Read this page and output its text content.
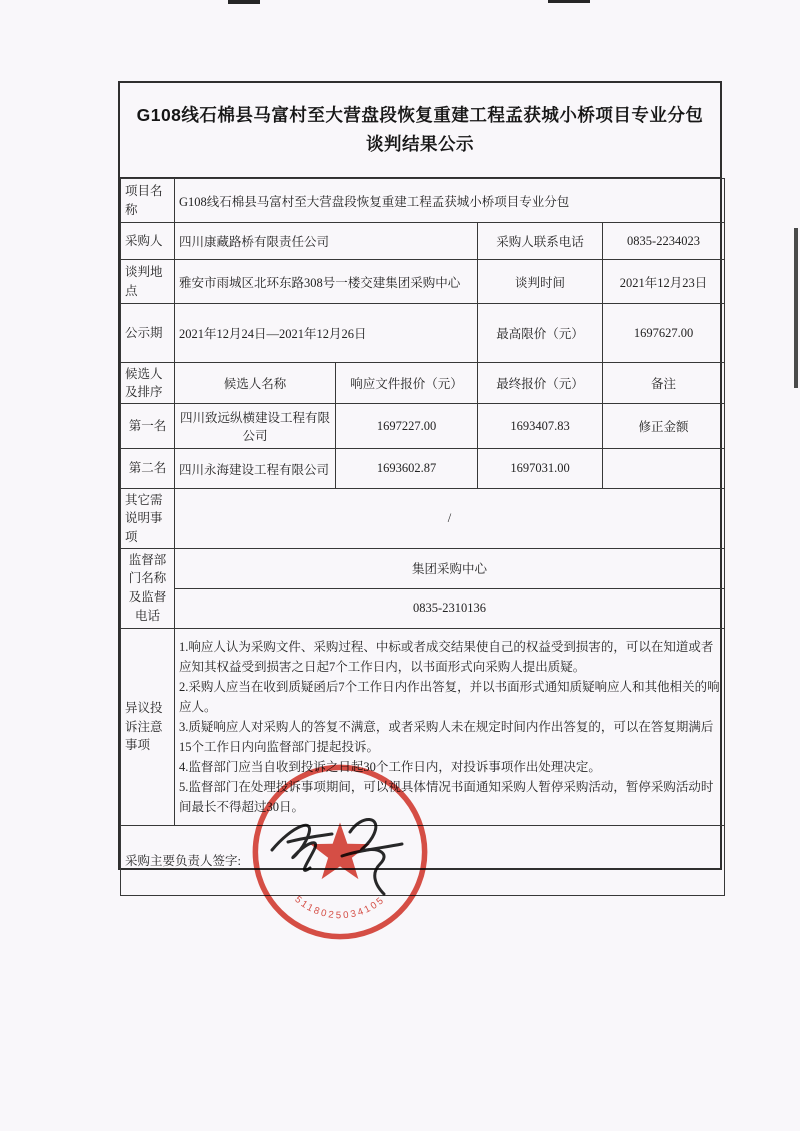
G108线石棉县马富村至大营盘段恢复重建工程孟获城小桥项目专业分包
谈判结果公示
项目名称	G108线石棉县马富村至大营盘段恢复重建工程孟获城小桥项目专业分包			
采购人	四川康藏路桥有限责任公司		采购人联系电话	0835-2234023
谈判地点	雅安市雨城区北环东路308号一楼交建集团采购中心		谈判时间	2021年12月23日
公示期	2021年12月24日—2021年12月26日		最高限价（元）	1697627.00
候选人及排序	候选人名称	响应文件报价（元）	最终报价（元）	备注
第一名	四川致远纵横建设工程有限公司	1697227.00	1693407.83	修正金额
第二名	四川永海建设工程有限公司	1693602.87	1697031.00	
其它需说明事项	/			
监督部门名称及监督电话	集团采购中心			
	0835-2310136			
异议投诉注意事项	1.响应人认为采购文件、采购过程、中标或者成交结果使自己的权益受到损害的，可以在知道或者应知其权益受到损害之日起7个工作日内，以书面形式向采购人提出质疑。
2.采购人应当在收到质疑函后7个工作日内作出答复，并以书面形式通知质疑响应人和其他相关的响应人。
3.质疑响应人对采购人的答复不满意，或者采购人未在规定时间内作出答复的，可以在答复期满后15个工作日内向监督部门提起投诉。
4.监督部门应当自收到投诉之日起30个工作日内，对投诉事项作出处理决定。
5.监督部门在处理投诉事项期间，可以视具体情况书面通知采购人暂停采购活动，暂停采购活动时间最长不得超过30日。			

采购主要负责人签字:				
5118025034105
